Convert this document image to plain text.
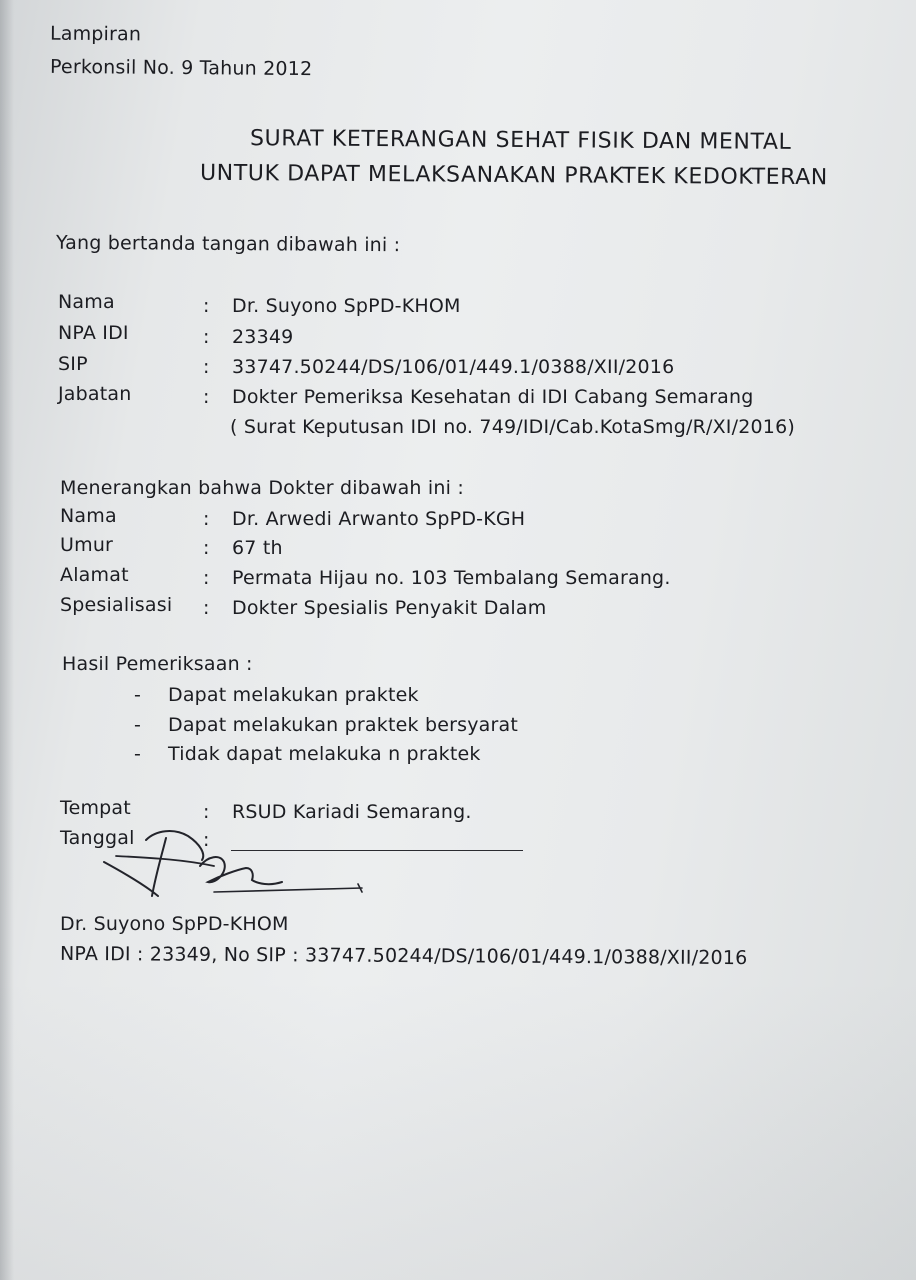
Lampiran
Perkonsil No. 9 Tahun 2012
SURAT KETERANGAN SEHAT FISIK DAN MENTAL
UNTUK DAPAT MELAKSANAKAN PRAKTEK KEDOKTERAN
Yang bertanda tangan dibawah ini :
Nama	: Dr. Suyono SpPD-KHOM
NPA IDI	: 23349
SIP	: 33747.50244/DS/106/01/449.1/0388/XII/2016
Jabatan	: Dokter Pemeriksa Kesehatan di IDI Cabang Semarang
( Surat Keputusan IDI no. 749/IDI/Cab.KotaSmg/R/XI/2016)
Menerangkan bahwa Dokter dibawah ini :
Nama	: Dr. Arwedi Arwanto SpPD-KGH
Umur	: 67 th
Alamat	: Permata Hijau no. 103 Tembalang Semarang.
Spesialisasi : Dokter Spesialis Penyakit Dalam
Hasil Pemeriksaan :
- Dapat melakukan praktek
- Dapat melakukan praktek bersyarat
- Tidak dapat melakuka n praktek
Tempat	: RSUD Kariadi Semarang.
Tanggal	:
Dr. Suyono SpPD-KHOM
NPA IDI : 23349, No SIP : 33747.50244/DS/106/01/449.1/0388/XII/2016
